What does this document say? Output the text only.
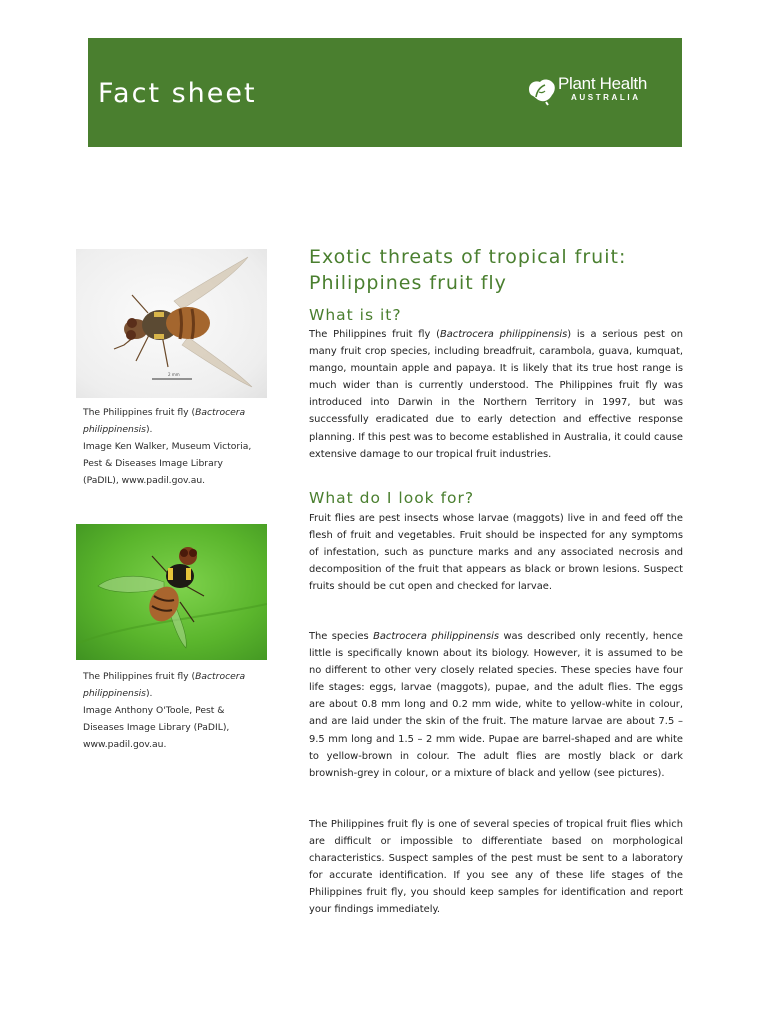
Fact sheet	Plant Health
AUSTRALIA
2 mm
The Philippines fruit fly (Bactrocera
philippinensis).
Image Ken Walker, Museum Victoria,
Pest & Diseases Image Library
(PaDIL), www.padil.gov.au.
The Philippines fruit fly (Bactrocera
philippinensis).
Image Anthony O'Toole, Pest &
Diseases Image Library (PaDIL),
www.padil.gov.au.
Exotic threats of tropical fruit:
Philippines fruit fly
What is it?
The Philippines fruit fly (Bactrocera philippinensis) is a serious pest on many fruit crop species, including breadfruit, carambola, guava, kumquat, mango, mountain apple and papaya. It is likely that its true host range is much wider than is currently understood. The Philippines fruit fly was introduced into Darwin in the Northern Territory in 1997, but was successfully eradicated due to early detection and effective response planning. If this pest was to become established in Australia, it could cause extensive damage to our tropical fruit industries.
What do I look for?
Fruit flies are pest insects whose larvae (maggots) live in and feed off the flesh of fruit and vegetables. Fruit should be inspected for any symptoms of infestation, such as puncture marks and any associated necrosis and decomposition of the fruit that appears as black or brown lesions. Suspect fruits should be cut open and checked for larvae.
The species Bactrocera philippinensis was described only recently, hence little is specifically known about its biology. However, it is assumed to be no different to other very closely related species. These species have four life stages: eggs, larvae (maggots), pupae, and the adult flies. The eggs are about 0.8 mm long and 0.2 mm wide, white to yellow-white in colour, and are laid under the skin of the fruit. The mature larvae are about 7.5 – 9.5 mm long and 1.5 – 2 mm wide. Pupae are barrel-shaped and are white to yellow-brown in colour. The adult flies are mostly black or dark brownish-grey in colour, or a mixture of black and yellow (see pictures).
The Philippines fruit fly is one of several species of tropical fruit flies which are difficult or impossible to differentiate based on morphological characteristics. Suspect samples of the pest must be sent to a laboratory for accurate identification. If you see any of these life stages of the Philippines fruit fly, you should keep samples for identification and report your findings immediately.
